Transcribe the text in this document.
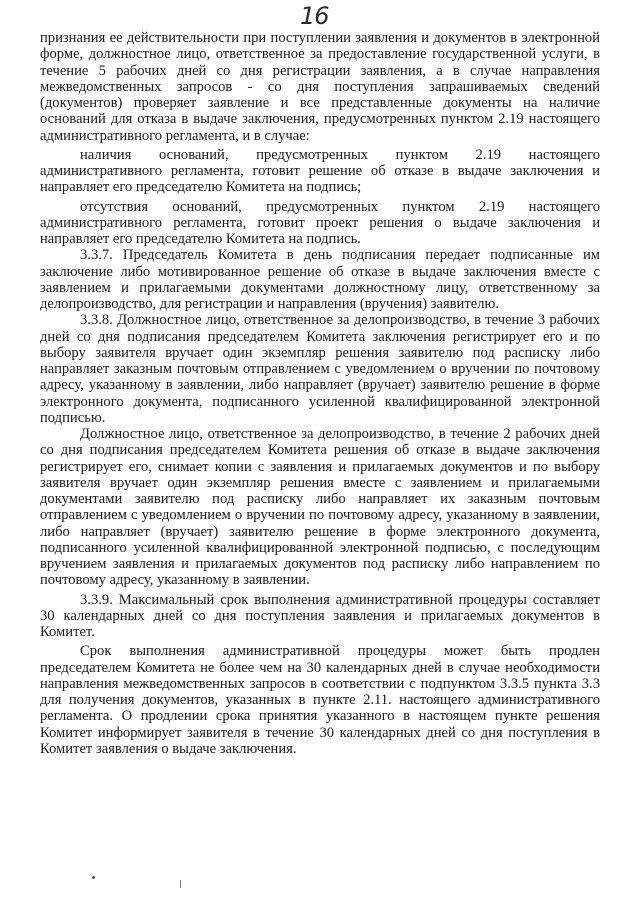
16

признания ее действительности при поступлении заявления и документов в электронной форме, должностное лицо, ответственное за предоставление государственной услуги, в течение 5 рабочих дней со дня регистрации заявления, а в случае направления межведомственных запросов - со дня поступления запрашиваемых сведений (документов) проверяет заявление и все представленные документы на наличие оснований для отказа в выдаче заключения, предусмотренных пунктом 2.19 настоящего административного регламента, и в случае:

наличия оснований, предусмотренных пунктом 2.19 настоящего административного регламента, готовит решение об отказе в выдаче заключения и направляет его председателю Комитета на подпись;

отсутствия оснований, предусмотренных пунктом 2.19 настоящего административного регламента, готовит проект решения о выдаче заключения и направляет его председателю Комитета на подпись.

3.3.7. Председатель Комитета в день подписания передает подписанные им заключение либо мотивированное решение об отказе в выдаче заключения вместе с заявлением и прилагаемыми документами должностному лицу, ответственному за делопроизводство, для регистрации и направления (вручения) заявителю.

3.3.8. Должностное лицо, ответственное за делопроизводство, в течение 3 рабочих дней со дня подписания председателем Комитета заключения регистрирует его и по выбору заявителя вручает один экземпляр решения заявителю под расписку либо направляет заказным почтовым отправлением с уведомлением о вручении по почтовому адресу, указанному в заявлении, либо направляет (вручает) заявителю решение в форме электронного документа, подписанного усиленной квалифицированной электронной подписью.

Должностное лицо, ответственное за делопроизводство, в течение 2 рабочих дней со дня подписания председателем Комитета решения об отказе в выдаче заключения регистрирует его, снимает копии с заявления и прилагаемых документов и по выбору заявителя вручает один экземпляр решения вместе с заявлением и прилагаемыми документами заявителю под расписку либо направляет их заказным почтовым отправлением с уведомлением о вручении по почтовому адресу, указанному в заявлении, либо направляет (вручает) заявителю решение в форме электронного документа, подписанного усиленной квалифицированной электронной подписью, с последующим вручением заявления и прилагаемых документов под расписку либо направлением по почтовому адресу, указанному в заявлении.

3.3.9. Максимальный срок выполнения административной процедуры составляет 30 календарных дней со дня поступления заявления и прилагаемых документов в Комитет.

Срок выполнения административной процедуры может быть продлен председателем Комитета не более чем на 30 календарных дней в случае необходимости направления межведомственных запросов в соответствии с подпунктом 3.3.5 пункта 3.3 для получения документов, указанных в пункте 2.11. настоящего административного регламента. О продлении срока принятия указанного в настоящем пункте решения Комитет информирует заявителя в течение 30 календарных дней со дня поступления в Комитет заявления о выдаче заключения.
